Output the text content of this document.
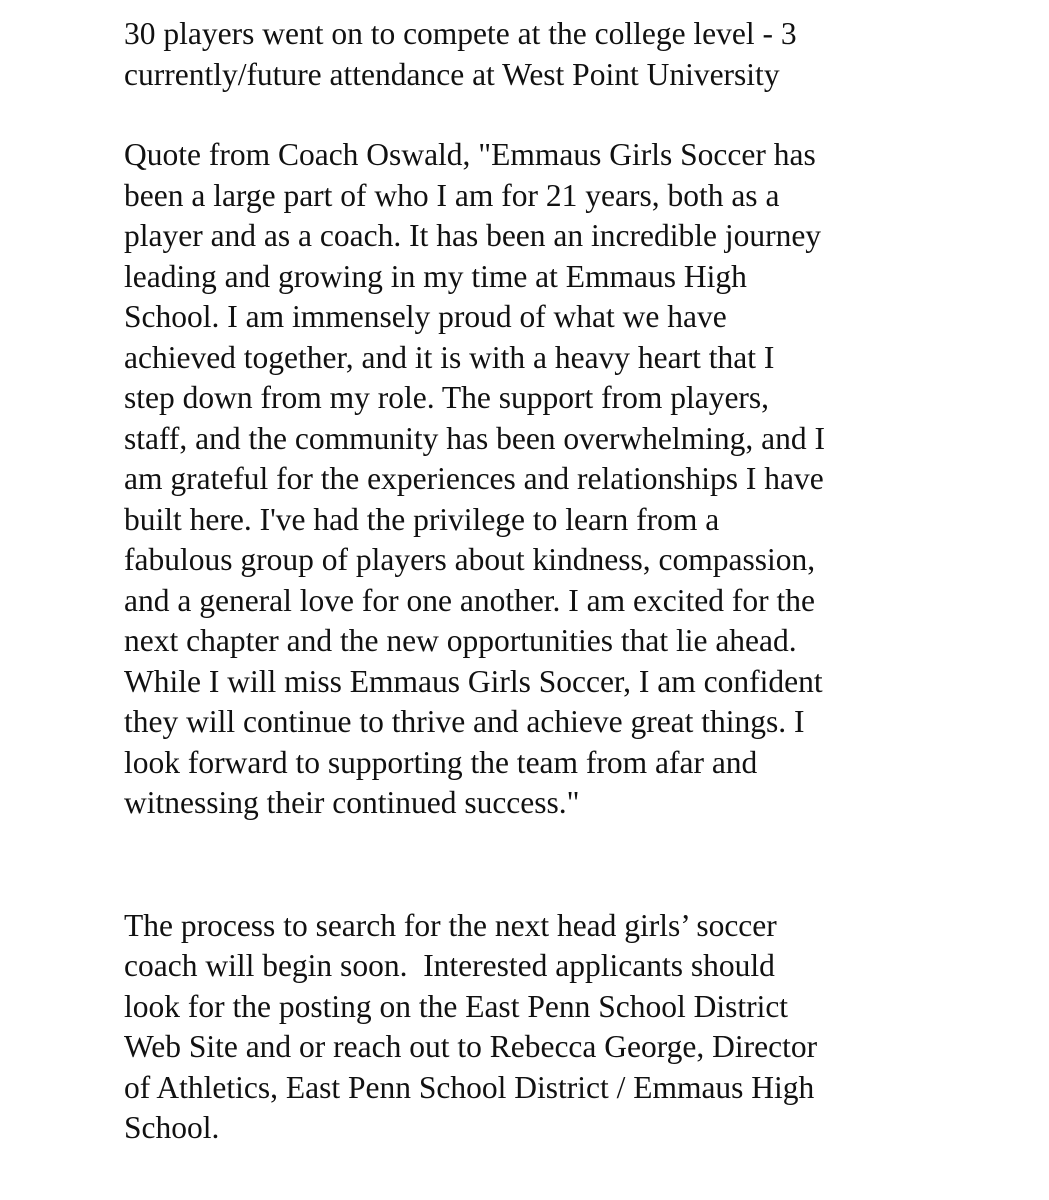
30 players went on to compete at the college level - 3
currently/future attendance at West Point University

Quote from Coach Oswald, "Emmaus Girls Soccer has
been a large part of who I am for 21 years, both as a
player and as a coach. It has been an incredible journey
leading and growing in my time at Emmaus High
School. I am immensely proud of what we have
achieved together, and it is with a heavy heart that I
step down from my role. The support from players,
staff, and the community has been overwhelming, and I
am grateful for the experiences and relationships I have
built here. I've had the privilege to learn from a
fabulous group of players about kindness, compassion,
and a general love for one another. I am excited for the
next chapter and the new opportunities that lie ahead.
While I will miss Emmaus Girls Soccer, I am confident
they will continue to thrive and achieve great things. I
look forward to supporting the team from afar and
witnessing their continued success."

The process to search for the next head girls’ soccer
coach will begin soon.  Interested applicants should
look for the posting on the East Penn School District
Web Site and or reach out to Rebecca George, Director
of Athletics, East Penn School District / Emmaus High
School.
